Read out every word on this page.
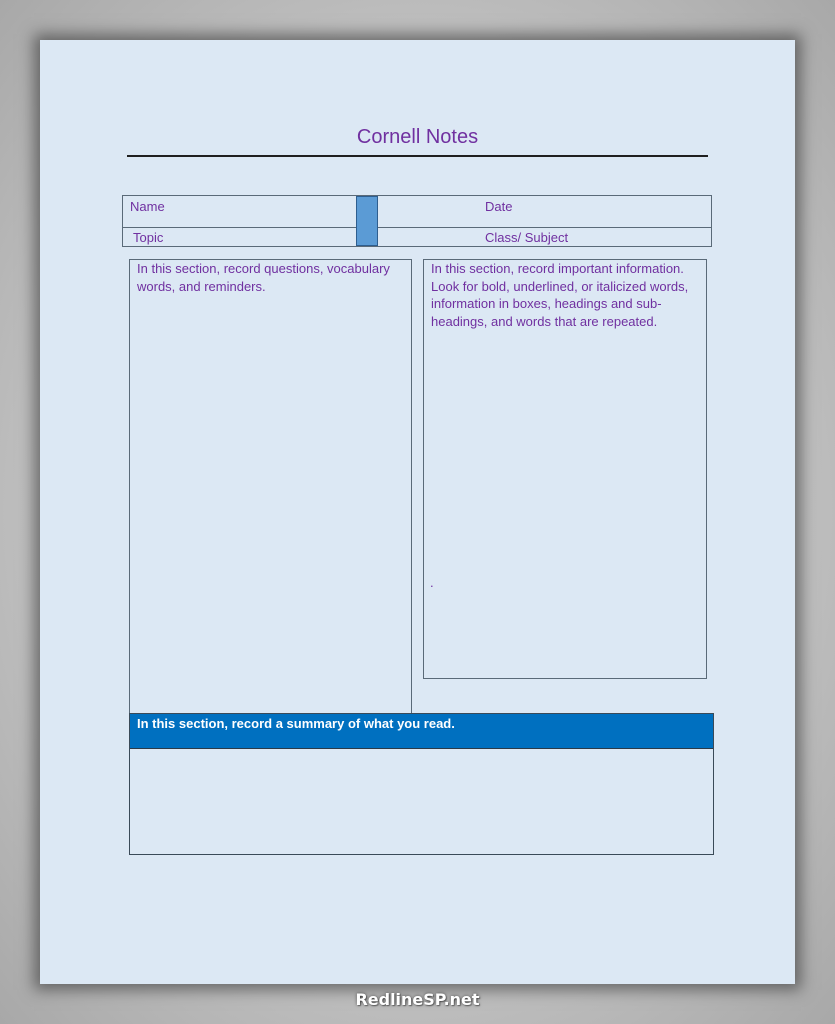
Cornell Notes
Name	Date
Topic	Class/ Subject
In this section, record questions, vocabulary words, and reminders.
In this section, record important information. Look for bold, underlined, or italicized words, information in boxes, headings and sub-headings, and words that are repeated.
.
In this section, record a summary of what you read.
RedlineSP.net
